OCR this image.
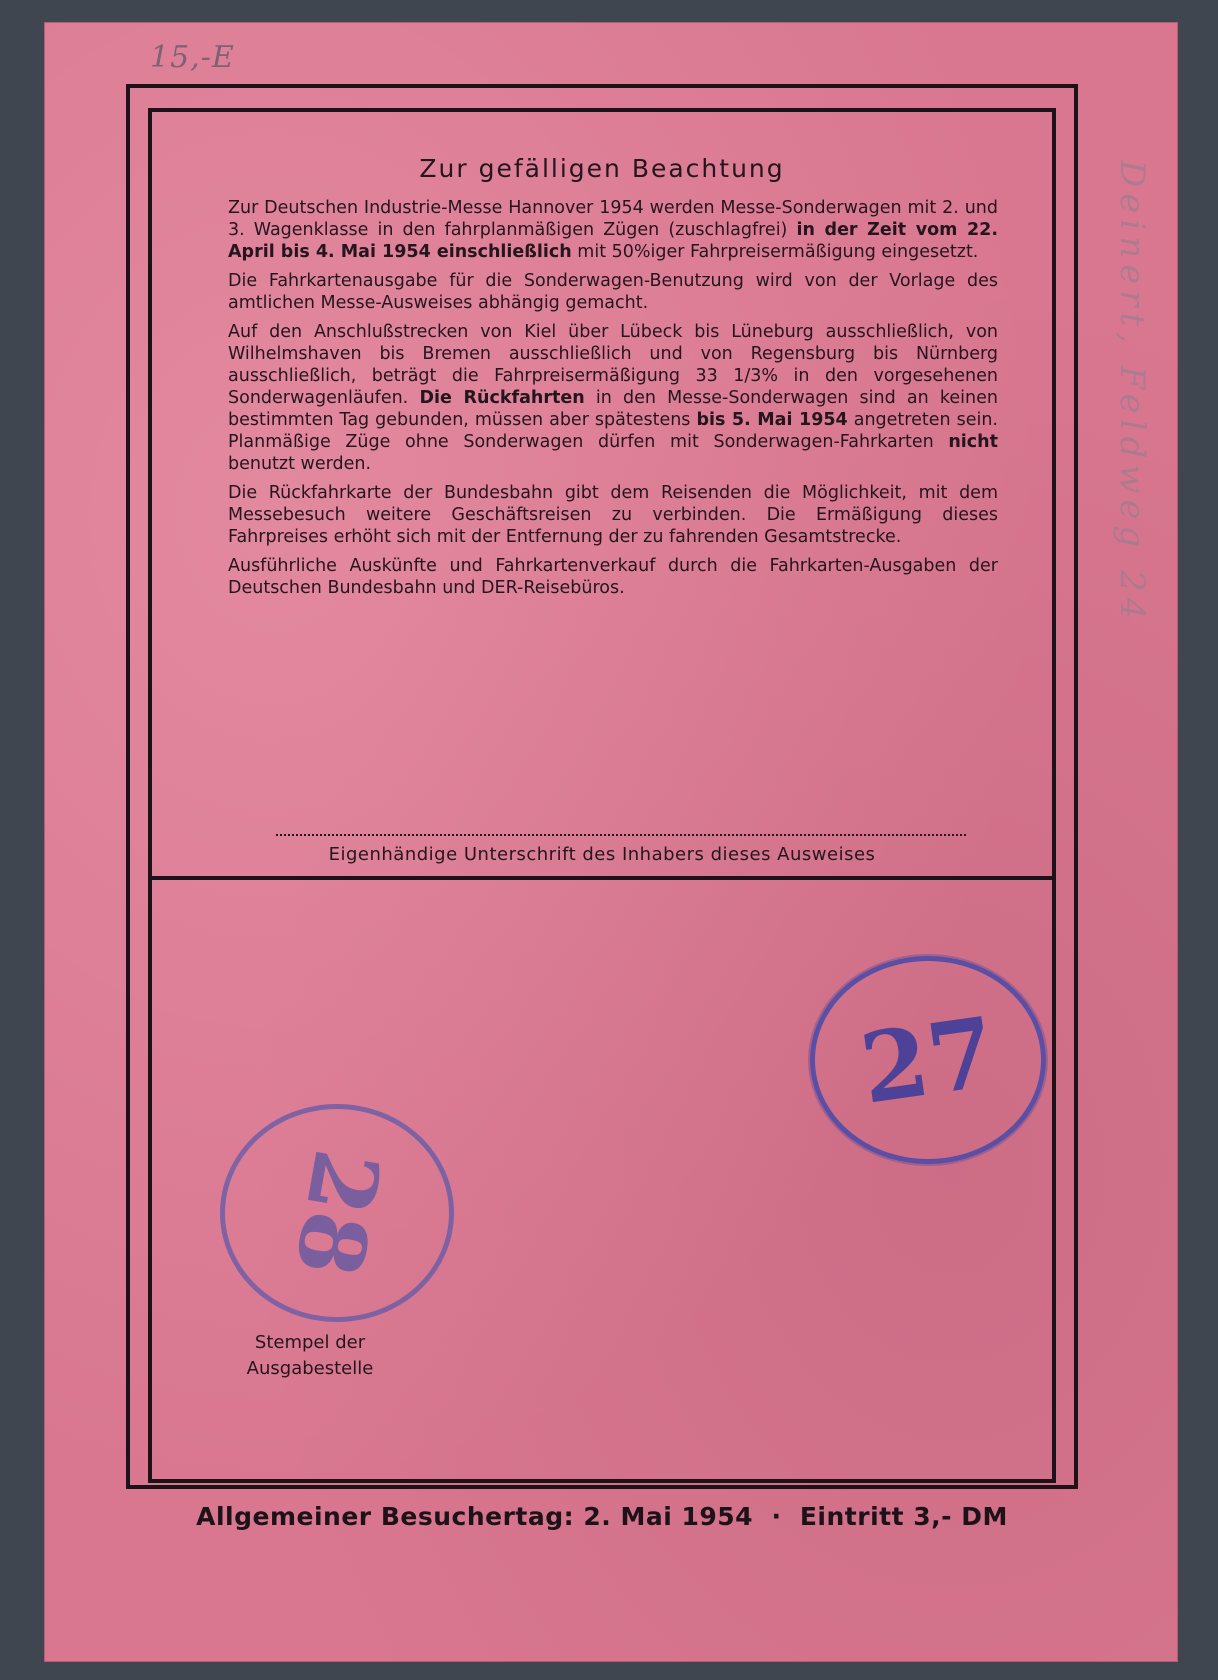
15,-E
Deinert, Feldweg 24
Zur gefälligen Beachtung

Zur Deutschen Industrie-Messe Hannover 1954 werden Messe-Sonderwagen mit 2. und 3. Wagenklasse in den fahrplanmäßigen Zügen (zuschlagfrei) in der Zeit vom 22. April bis 4. Mai 1954 einschließlich mit 50%iger Fahrpreisermäßigung eingesetzt.

Die Fahrkartenausgabe für die Sonderwagen-Benutzung wird von der Vorlage des amtlichen Messe-Ausweises abhängig gemacht.

Auf den Anschlußstrecken von Kiel über Lübeck bis Lüneburg ausschließlich, von Wilhelmshaven bis Bremen ausschließlich und von Regensburg bis Nürnberg ausschließlich, beträgt die Fahrpreisermäßigung 33 1/3% in den vorgesehenen Sonderwagenläufen. Die Rückfahrten in den Messe-Sonderwagen sind an keinen bestimmten Tag gebunden, müssen aber spätestens bis 5. Mai 1954 angetreten sein. Planmäßige Züge ohne Sonderwagen dürfen mit Sonderwagen-Fahrkarten nicht benutzt werden.

Die Rückfahrkarte der Bundesbahn gibt dem Reisenden die Möglichkeit, mit dem Messebesuch weitere Geschäftsreisen zu verbinden. Die Ermäßigung dieses Fahrpreises erhöht sich mit der Entfernung der zu fahrenden Gesamtstrecke.

Ausführliche Auskünfte und Fahrkartenverkauf durch die Fahrkarten-Ausgaben der Deutschen Bundesbahn und DER-Reisebüros.

Eigenhändige Unterschrift des Inhabers dieses Ausweises
27
28
Stempel der
Ausgabestelle
Allgemeiner Besuchertag: 2. Mai 1954  ·  Eintritt 3,- DM
